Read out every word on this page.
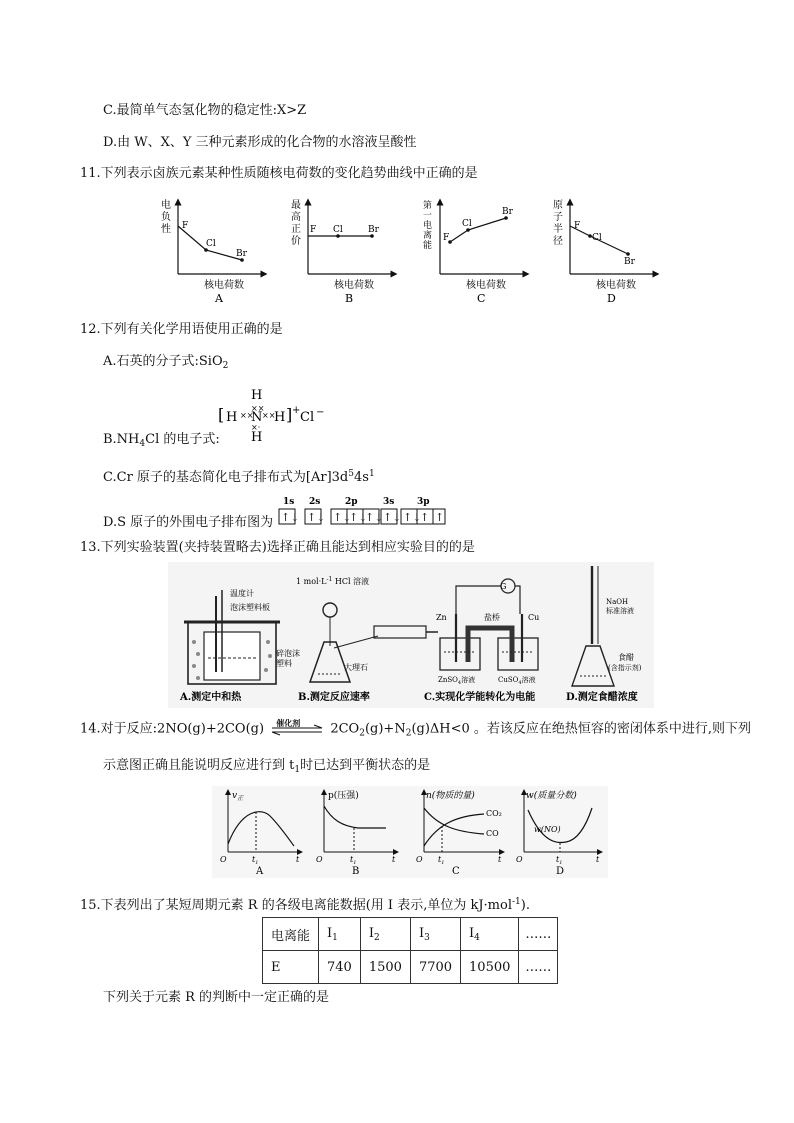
C.最简单气态氢化物的稳定性:X>Z
D.由 W、X、Y 三种元素形成的化合物的水溶液呈酸性
11.下列表示卤族元素某种性质随核电荷数的变化趋势曲线中正确的是
电
负
性 F
Cl
Br
核电荷数
A
最
高
正
价
F Cl	Br
核电荷数
B
第
一
电
离
能
F
Cl
Br
核电荷数
C
原
子
半
径
F
Cl
Br
核电荷数
D
12.下列有关化学用语使用正确的是
A.石英的分子式:SiO$_2$
[ H ××
H
××
N ××
H
×·
H
] + Cl −
$B.NH_4Cl$ 的电子式:
C.Cr 原子的基态简化电子排布式为$[Ar]3d^54s^1$
D.S 原子的外围电子排布图为
1s 2s	2p	3s	3p
↑↓ ↑↓ ↑↓
↑↓
↑↓ ↑↓ ↑↓
↑ ↑
13.下列实验装置(夹持装置略去)选择正确且能达到相应实验目的的是
温度计
泡沫塑料板
碎泡沫
塑料
A.测定中和热
1 $mol\cdot L^{-1}$ HCl 溶液
大理石
B.测定反应速率
G
盐桥
Zn	Cu
ZnSO$_4$溶液	CuSO$_4$溶液
C.实现化学能转化为电能
NaOH
标准溶液
食醋
(含指示剂)
D.测定食醋浓度
14.对于反应:2NO(g)+2CO(g) 催化剂 $2CO_2(g)+N_2(g)\Delta H<0$ 。若该反应在绝热恒容的密闭体系中进行,则下列
示意图正确且能说明反应进行到 $t_1$时已达到平衡状态的是
$v_正$
O	$t_1$	t
A
p(压强)
O	$t_1$	t
B
n(物质的量)
CO₂
CO
O $t_1$	t
C
w(质量分数)
w(NO)
O	$t_1$	t
D
15.下表列出了某短周期元素 R 的各级电离能数据(用 I 表示,单位为 kJ·mol$^{-1}$).
电离能	$I_1$	$I_2$	$I_3$	$I_4$	……
E	740	1500	7700	10500	……
下列关于元素 R 的判断中一定正确的是
